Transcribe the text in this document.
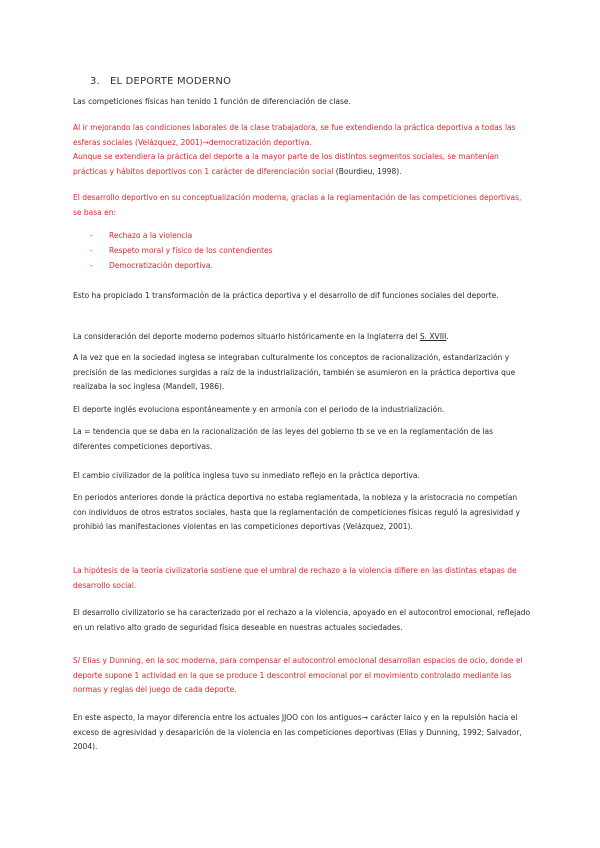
3. EL DEPORTE MODERNO

Las competiciones físicas han tenido 1 función de diferenciación de clase.

Al ir mejorando las condiciones laborales de la clase trabajadora, se fue extendiendo la práctica deportiva a todas las esferas sociales (Velázquez, 2001)→democratización deportiva.

Aunque se extendiera la práctica del deporte a la mayor parte de los distintos segmentos sociales, se mantenían prácticas y hábitos deportivos con 1 carácter de diferenciación social (Bourdieu, 1998).

El desarrollo deportivo en su conceptualización moderna, gracias a la reglamentación de las competiciones deportivas, se basa en:

- Rechazo a la violencia
- Respeto moral y físico de los contendientes
- Democratización deportiva.

Esto ha propiciado 1 transformación de la práctica deportiva y el desarrollo de dif funciones sociales del deporte.

La consideración del deporte moderno podemos situarlo históricamente en la Inglaterra del S. XVIII.

A la vez que en la sociedad inglesa se integraban culturalmente los conceptos de racionalización, estandarización y precisión de las mediciones surgidas a raíz de la industrialización, también se asumieron en la práctica deportiva que realizaba la soc inglesa (Mandell, 1986).

El deporte inglés evoluciona espontáneamente y en armonía con el periodo de la industrialización.

La = tendencia que se daba en la racionalización de las leyes del gobierno tb se ve en la reglamentación de las diferentes competiciones deportivas.

El cambio civilizador de la política inglesa tuvo su inmediato reflejo en la práctica deportiva.

En periodos anteriores donde la práctica deportiva no estaba reglamentada, la nobleza y la aristocracia no competían con individuos de otros estratos sociales, hasta que la reglamentación de competiciones físicas reguló la agresividad y prohibió las manifestaciones violentas en las competiciones deportivas (Velázquez, 2001).

La hipótesis de la teoría civilizatoria sostiene que el umbral de rechazo a la violencia difiere en las distintas etapas de desarrollo social.

El desarrollo civilizatorio se ha caracterizado por el rechazo a la violencia, apoyado en el autocontrol emocional, reflejado en un relativo alto grado de seguridad física deseable en nuestras actuales sociedades.

S/ Elias y Dunning, en la soc moderna, para compensar el autocontrol emocional desarrollan espacios de ocio, donde el deporte supone 1 actividad en la que se produce 1 descontrol emocional por el movimiento controlado mediante las normas y reglas del juego de cada deporte.

En este aspecto, la mayor diferencia entre los actuales JJOO con los antiguos→ carácter laico y en la repulsión hacia el exceso de agresividad y desaparición de la violencia en las competiciones deportivas (Elias y Dunning, 1992; Salvador, 2004).
